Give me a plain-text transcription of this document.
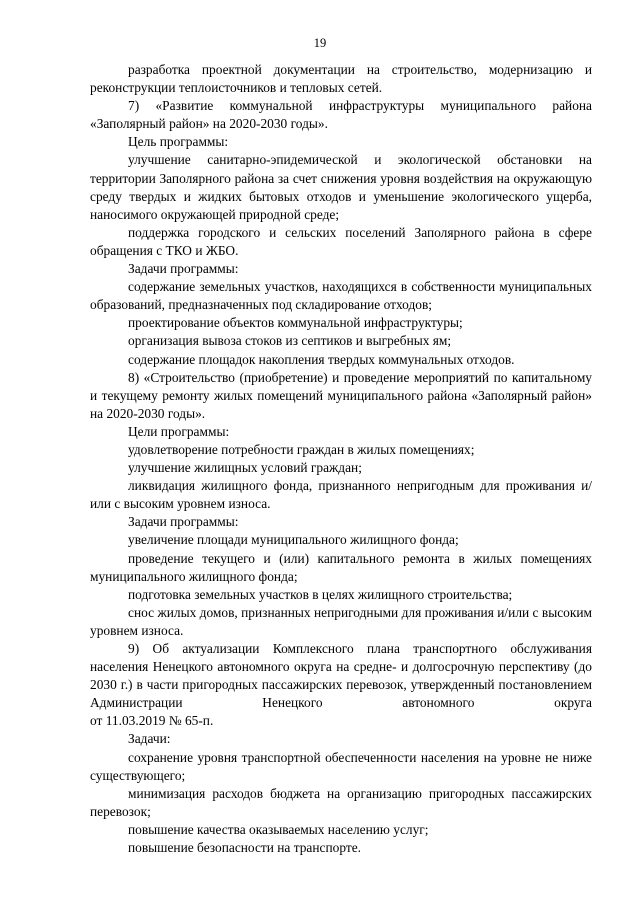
19

разработка проектной документации на строительство, модернизацию и реконструкции теплоисточников и тепловых сетей.

7) «Развитие коммунальной инфраструктуры муниципального района «Заполярный район» на 2020-2030 годы».

Цель программы:

улучшение санитарно-эпидемической и экологической обстановки на территории Заполярного района за счет снижения уровня воздействия на окружающую среду твердых и жидких бытовых отходов и уменьшение экологического ущерба, наносимого окружающей природной среде;

поддержка городского и сельских поселений Заполярного района в сфере обращения с ТКО и ЖБО.

Задачи программы:

содержание земельных участков, находящихся в собственности муниципальных образований, предназначенных под складирование отходов;

проектирование объектов коммунальной инфраструктуры;

организация вывоза стоков из септиков и выгребных ям;

содержание площадок накопления твердых коммунальных отходов.

8) «Строительство (приобретение) и проведение мероприятий по капитальному и текущему ремонту жилых помещений муниципального района «Заполярный район» на 2020-2030 годы».

Цели программы:

удовлетворение потребности граждан в жилых помещениях;

улучшение жилищных условий граждан;

ликвидация жилищного фонда, признанного непригодным для проживания и/или с высоким уровнем износа.

Задачи программы:

увеличение площади муниципального жилищного фонда;

проведение текущего и (или) капитального ремонта в жилых помещениях муниципального жилищного фонда;

подготовка земельных участков в целях жилищного строительства;

снос жилых домов, признанных непригодными для проживания и/или с высоким уровнем износа.

9) Об актуализации Комплексного плана транспортного обслуживания населения Ненецкого автономного округа на средне- и долгосрочную перспективу (до 2030 г.) в части пригородных пассажирских перевозок, утвержденный постановлением Администрации Ненецкого автономного округа

от 11.03.2019 № 65-п.

Задачи:

сохранение уровня транспортной обеспеченности населения на уровне не ниже существующего;

минимизация расходов бюджета на организацию пригородных пассажирских перевозок;

повышение качества оказываемых населению услуг;

повышение безопасности на транспорте.
